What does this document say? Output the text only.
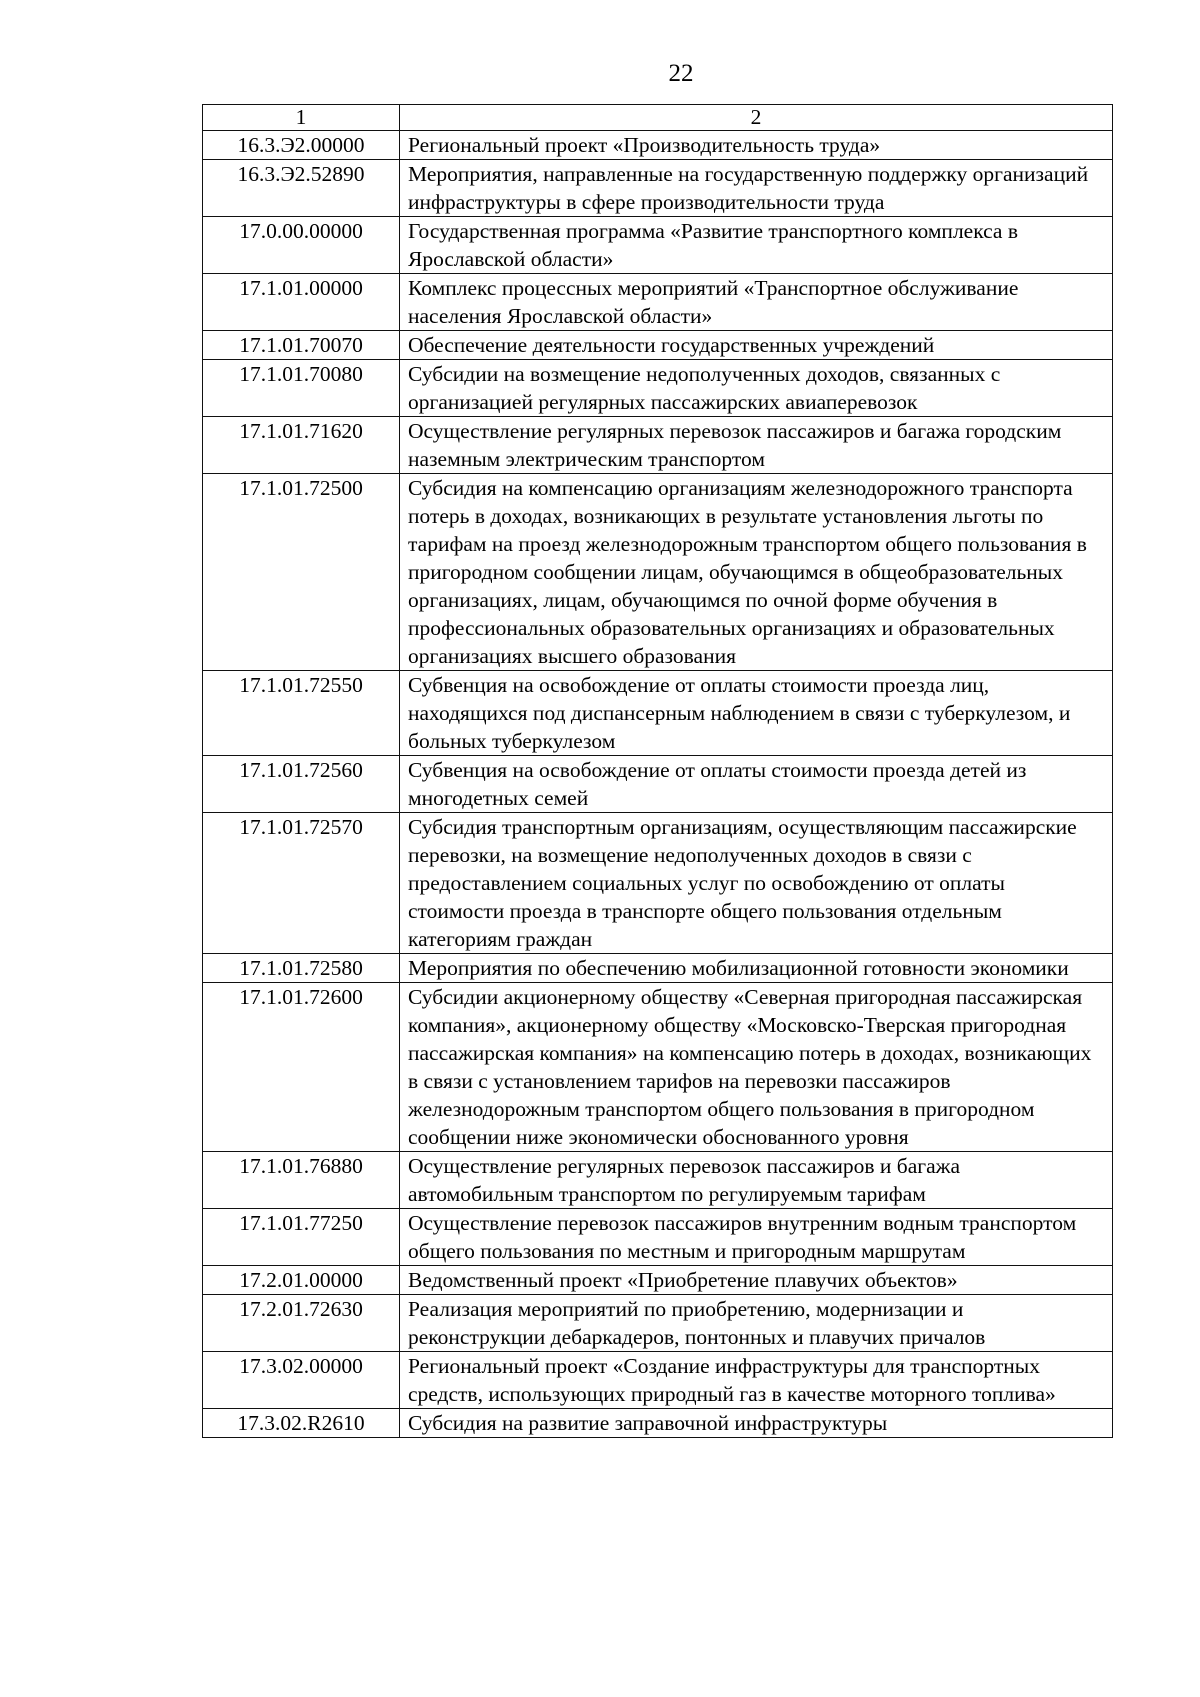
22
1	2
16.3.Э2.00000	Региональный проект «Производительность труда»
16.3.Э2.52890	Мероприятия, направленные на государственную поддержку организаций инфраструктуры в сфере производительности труда
17.0.00.00000	Государственная программа «Развитие транспортного комплекса в Ярославской области»
17.1.01.00000	Комплекс процессных мероприятий «Транспортное обслуживание населения Ярославской области»
17.1.01.70070	Обеспечение деятельности государственных учреждений
17.1.01.70080	Субсидии на возмещение недополученных доходов, связанных с организацией регулярных пассажирских авиаперевозок
17.1.01.71620	Осуществление регулярных перевозок пассажиров и багажа городским наземным электрическим транспортом
17.1.01.72500	Субсидия на компенсацию организациям железнодорожного транспорта потерь в доходах, возникающих в результате установления льготы по тарифам на проезд железнодорожным транспортом общего пользования в пригородном сообщении лицам, обучающимся в общеобразовательных организациях, лицам, обучающимся по очной форме обучения в профессиональных образовательных организациях и образовательных организациях высшего образования
17.1.01.72550	Субвенция на освобождение от оплаты стоимости проезда лиц, находящихся под диспансерным наблюдением в связи с туберкулезом, и больных туберкулезом
17.1.01.72560	Субвенция на освобождение от оплаты стоимости проезда детей из многодетных семей
17.1.01.72570	Субсидия транспортным организациям, осуществляющим пассажирские перевозки, на возмещение недополученных доходов в связи с предоставлением социальных услуг по освобождению от оплаты стоимости проезда в транспорте общего пользования отдельным категориям граждан
17.1.01.72580	Мероприятия по обеспечению мобилизационной готовности экономики
17.1.01.72600	Субсидии акционерному обществу «Северная пригородная пассажирская компания», акционерному обществу «Московско-Тверская пригородная пассажирская компания» на компенсацию потерь в доходах, возникающих в связи с установлением тарифов на перевозки пассажиров железнодорожным транспортом общего пользования в пригородном сообщении ниже экономически обоснованного уровня
17.1.01.76880	Осуществление регулярных перевозок пассажиров и багажа автомобильным транспортом по регулируемым тарифам
17.1.01.77250	Осуществление перевозок пассажиров внутренним водным транспортом общего пользования по местным и пригородным маршрутам
17.2.01.00000	Ведомственный проект «Приобретение плавучих объектов»
17.2.01.72630	Реализация мероприятий по приобретению, модернизации и реконструкции дебаркадеров, понтонных и плавучих причалов
17.3.02.00000	Региональный проект «Создание инфраструктуры для транспортных средств, использующих природный газ в качестве моторного топлива»
17.3.02.R2610	Субсидия на развитие заправочной инфраструктуры
